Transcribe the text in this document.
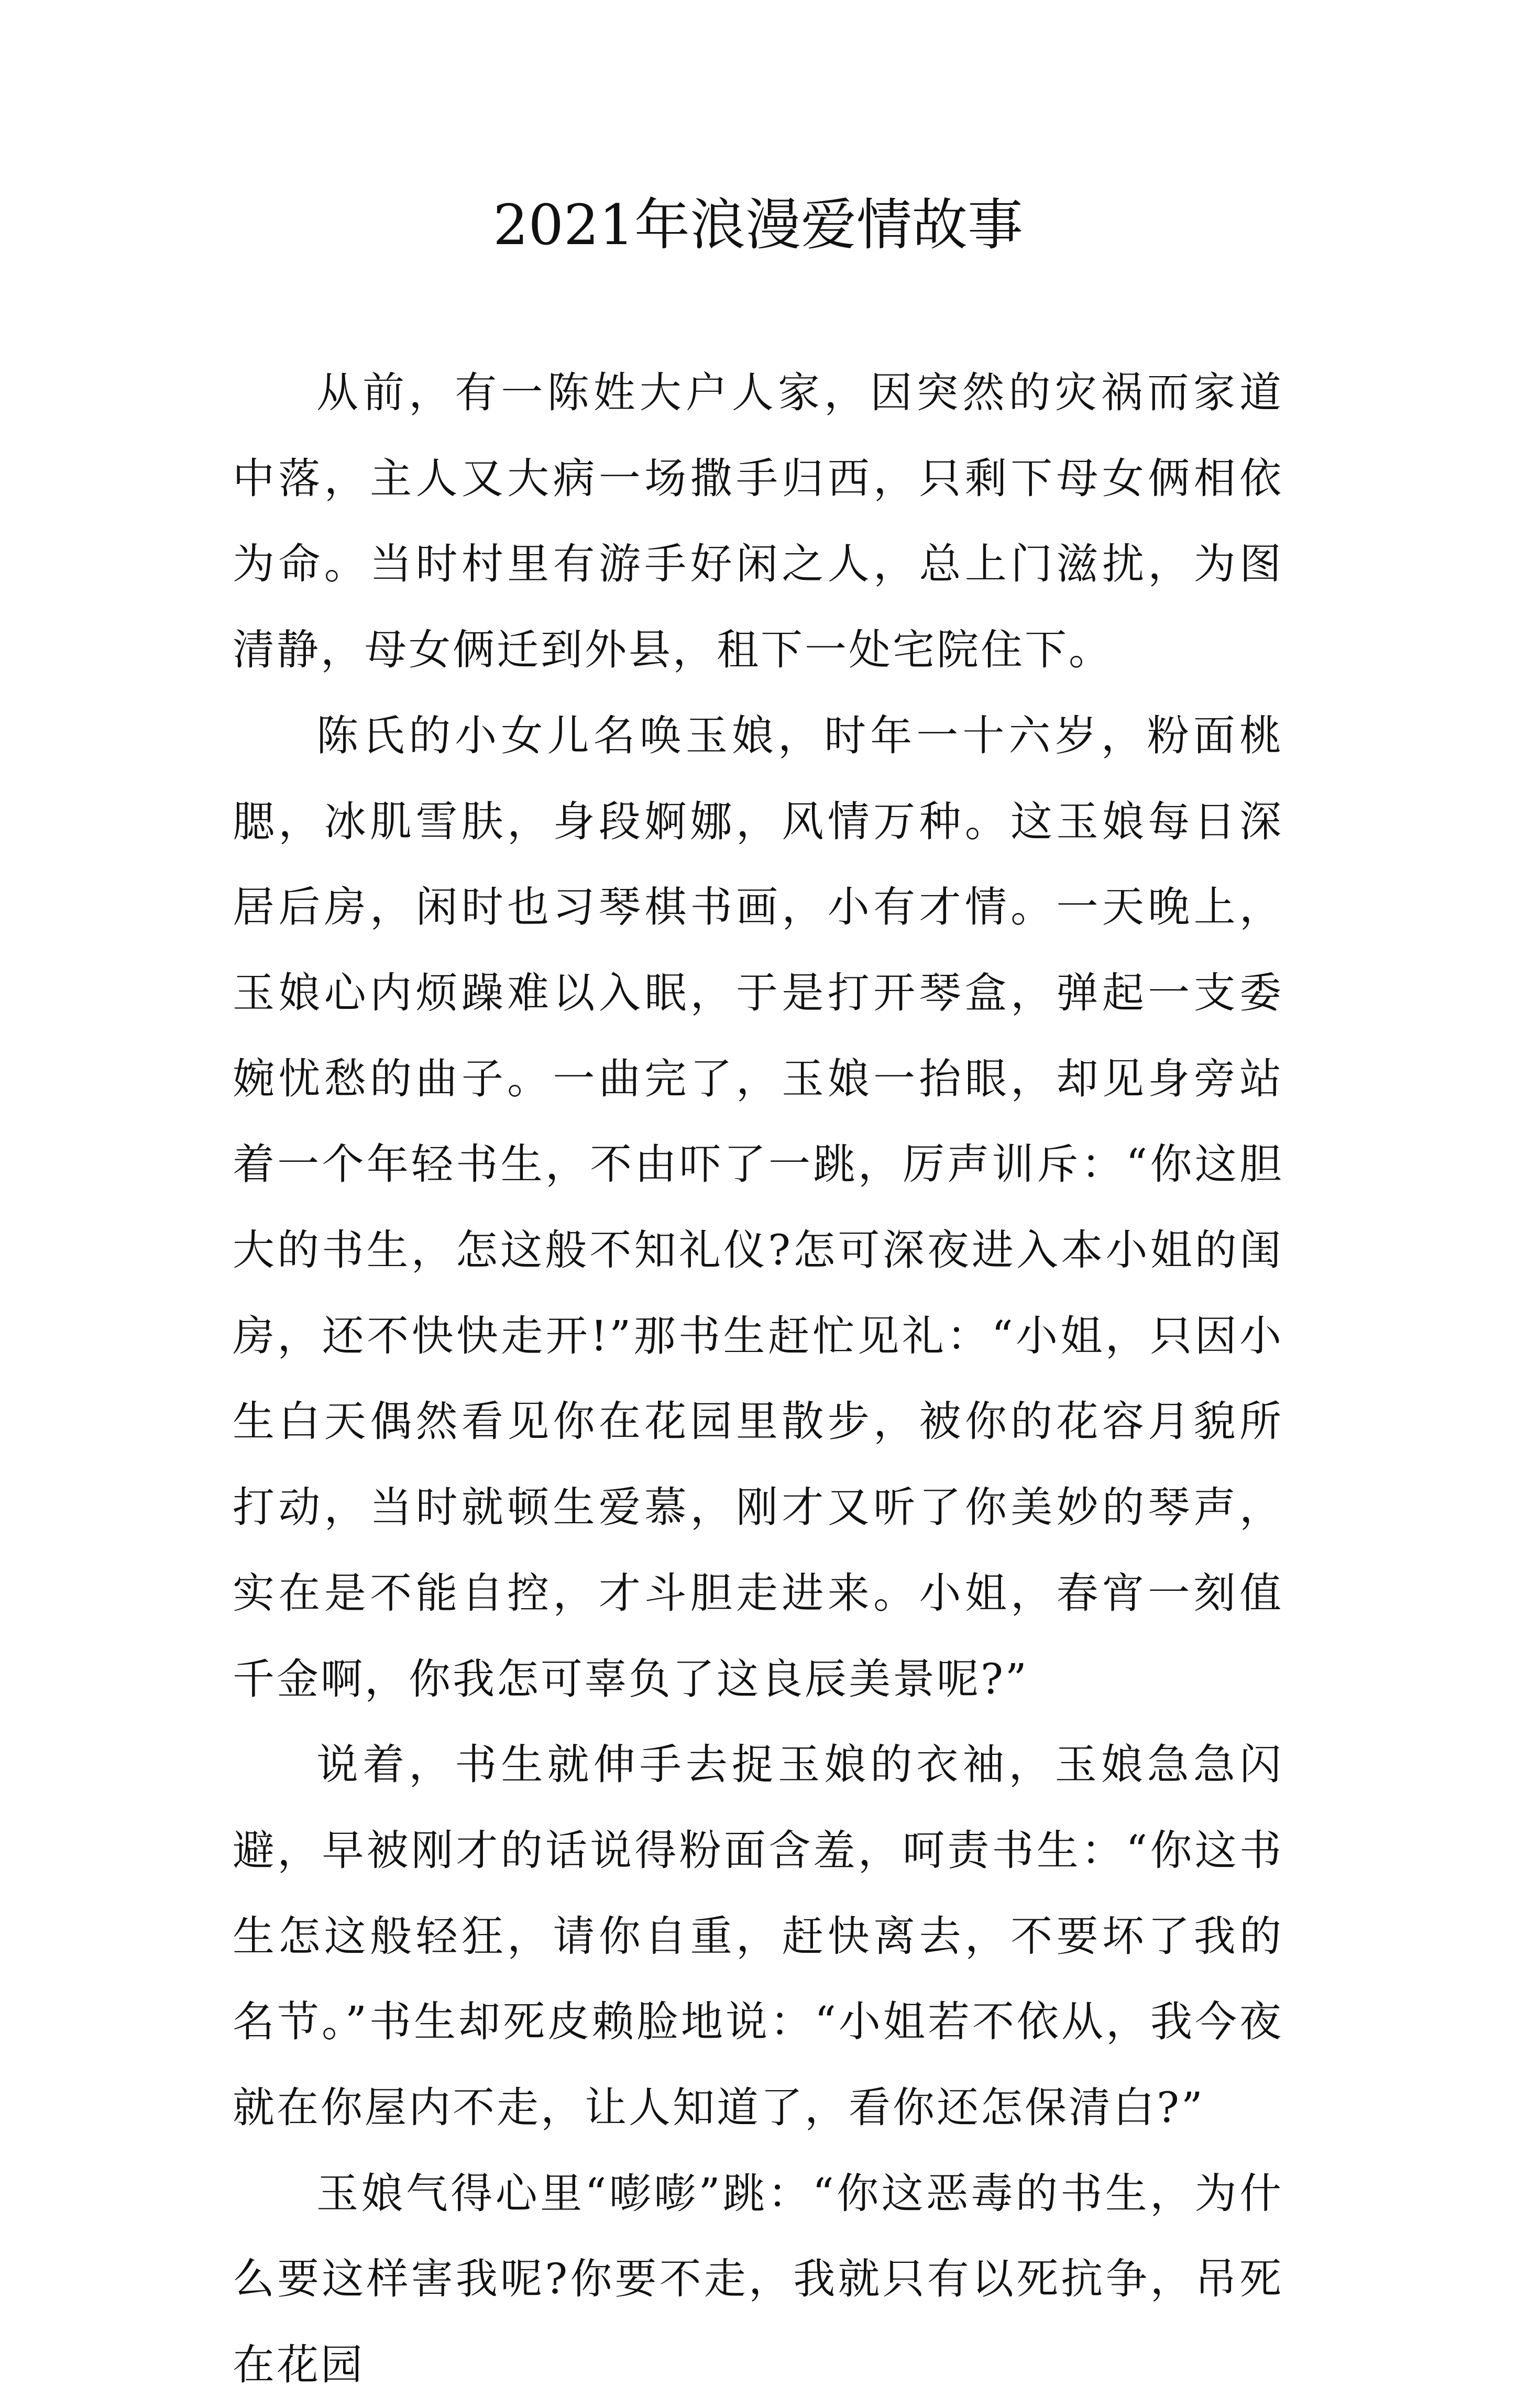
2021年浪漫爱情故事

从前，有一陈姓大户人家，因突然的灾祸而家道中落，主人又大病一场撒手归西，只剩下母女俩相依为命。当时村里有游手好闲之人，总上门滋扰，为图清静，母女俩迁到外县，租下一处宅院住下。

陈氏的小女儿名唤玉娘，时年一十六岁，粉面桃腮，冰肌雪肤，身段婀娜，风情万种。这玉娘每日深居后房，闲时也习琴棋书画，小有才情。一天晚上，玉娘心内烦躁难以入眠，于是打开琴盒，弹起一支委婉忧愁的曲子。一曲完了，玉娘一抬眼，却见身旁站着一个年轻书生，不由吓了一跳，厉声训斥：“你这胆大的书生，怎这般不知礼仪?怎可深夜进入本小姐的闺房，还不快快走开!”那书生赶忙见礼：“小姐，只因小生白天偶然看见你在花园里散步，被你的花容月貌所打动，当时就顿生爱慕，刚才又听了你美妙的琴声，实在是不能自控，才斗胆走进来。小姐，春宵一刻值千金啊，你我怎可辜负了这良辰美景呢?”

说着，书生就伸手去捉玉娘的衣袖，玉娘急急闪避，早被刚才的话说得粉面含羞，呵责书生：“你这书生怎这般轻狂，请你自重，赶快离去，不要坏了我的名节。”书生却死皮赖脸地说：“小姐若不依从，我今夜就在你屋内不走，让人知道了，看你还怎保清白?”

玉娘气得心里“嘭嘭”跳：“你这恶毒的书生，为什么要这样害我呢?你要不走，我就只有以死抗争，吊死在花园
